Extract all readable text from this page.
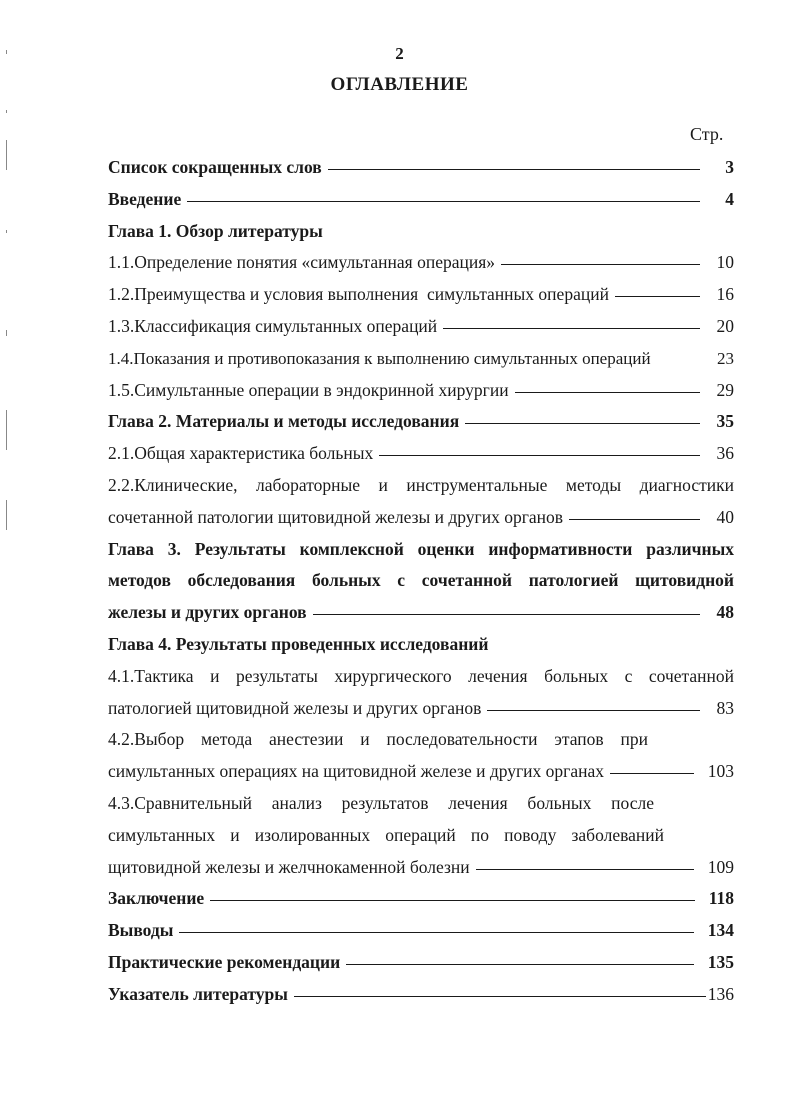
2
ОГЛАВЛЕНИЕ
Стр.
Список сокращенных слов	3
Введение	4
Глава 1. Обзор литературы
1.1.Определение понятия «симультанная операция»	10
1.2.Преимущества и условия выполнения  симультанных операций	16
1.3.Классификация симультанных операций	20
1.4.Показания и противопоказания к выполнению симультанных операций	23
1.5.Симультанные операции в эндокринной хирургии	29
Глава 2. Материалы и методы исследования	35
2.1.Общая характеристика больных	36
2.2.Клинические, лабораторные и инструментальные методы диагностики
сочетанной патологии щитовидной железы и других органов	40
Глава 3. Результаты комплексной оценки информативности различных
методов обследования больных с сочетанной патологией щитовидной
железы и других органов	48
Глава 4. Результаты проведенных исследований
4.1.Тактика и результаты хирургического лечения больных с сочетанной
патологией щитовидной железы и других органов	83
4.2.Выбор метода анестезии и последовательности этапов при
симультанных операциях на щитовидной железе и других органах	103
4.3.Сравнительный анализ результатов лечения больных после
симультанных и изолированных операций по поводу заболеваний
щитовидной железы и желчнокаменной болезни	109
Заключение	118
Выводы	134
Практические рекомендации	135
Указатель литературы	136
